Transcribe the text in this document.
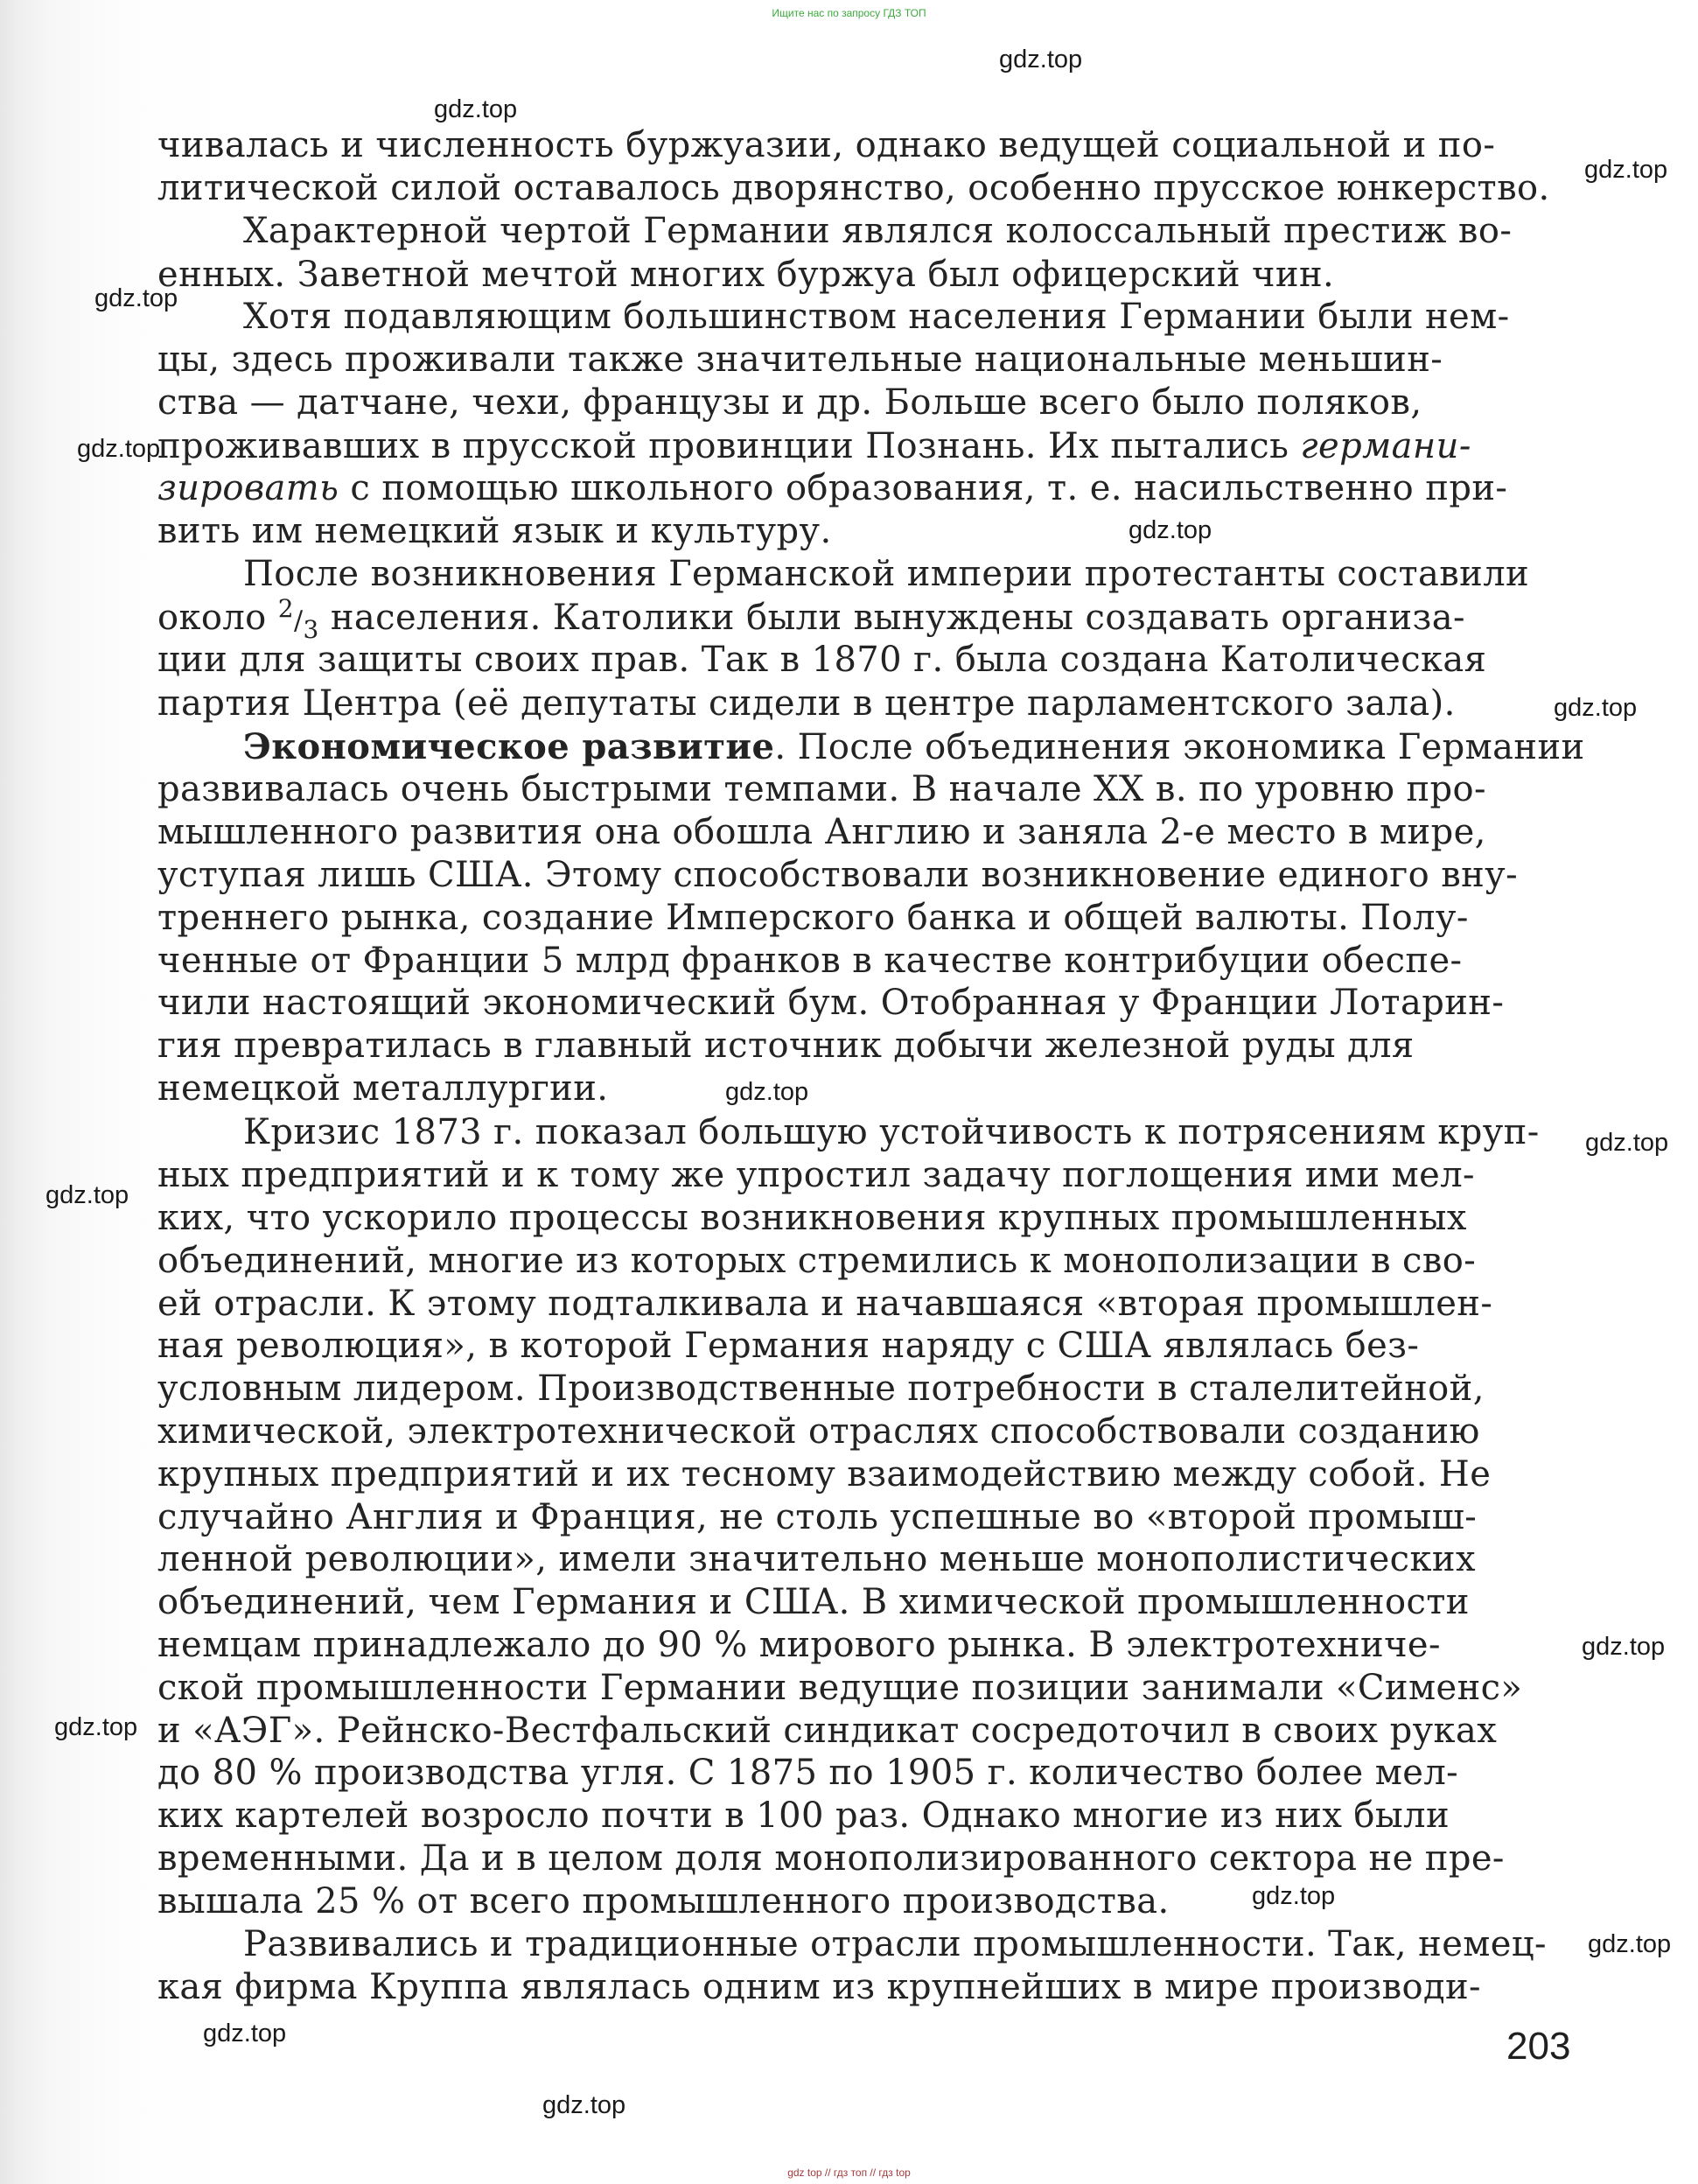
Ищите нас по запросу ГДЗ ТОП
gdz.top
gdz.top
gdz.top
gdz.top
gdz.top
gdz.top
gdz.top
gdz.top
gdz.top
gdz.top
gdz.top
gdz.top
gdz.top
gdz.top
gdz.top
gdz.top
чивалась и численность буржуазии, однако ведущей социальной и по-
литической силой оставалось дворянство, особенно прусское юнкерство.
Характерной чертой Германии являлся колоссальный престиж во-
енных. Заветной мечтой многих буржуа был офицерский чин.
Хотя подавляющим большинством населения Германии были нем-
цы, здесь проживали также значительные национальные меньшин-
ства — датчане, чехи, французы и др. Больше всего было поляков,
проживавших в прусской провинции Познань. Их пытались германи-
зировать с помощью школьного образования, т. е. насильственно при-
вить им немецкий язык и культуру.
После возникновения Германской империи протестанты составили
около 2/3 населения. Католики были вынуждены создавать организа-
ции для защиты своих прав. Так в 1870 г. была создана Католическая
партия Центра (её депутаты сидели в центре парламентского зала).
Экономическое развитие. После объединения экономика Германии
развивалась очень быстрыми темпами. В начале XX в. по уровню про-
мышленного развития она обошла Англию и заняла 2-е место в мире,
уступая лишь США. Этому способствовали возникновение единого вну-
треннего рынка, создание Имперского банка и общей валюты. Полу-
ченные от Франции 5 млрд франков в качестве контрибуции обеспе-
чили настоящий экономический бум. Отобранная у Франции Лотарин-
гия превратилась в главный источник добычи железной руды для
немецкой металлургии.
Кризис 1873 г. показал большую устойчивость к потрясениям круп-
ных предприятий и к тому же упростил задачу поглощения ими мел-
ких, что ускорило процессы возникновения крупных промышленных
объединений, многие из которых стремились к монополизации в сво-
ей отрасли. К этому подталкивала и начавшаяся «вторая промышлен-
ная революция», в которой Германия наряду с США являлась без-
условным лидером. Производственные потребности в сталелитейной,
химической, электротехнической отраслях способствовали созданию
крупных предприятий и их тесному взаимодействию между собой. Не
случайно Англия и Франция, не столь успешные во «второй промыш-
ленной революции», имели значительно меньше монополистических
объединений, чем Германия и США. В химической промышленности
немцам принадлежало до 90 % мирового рынка. В электротехниче-
ской промышленности Германии ведущие позиции занимали «Сименс»
и «АЭГ». Рейнско-Вестфальский синдикат сосредоточил в своих руках
до 80 % производства угля. С 1875 по 1905 г. количество более мел-
ких картелей возросло почти в 100 раз. Однако многие из них были
временными. Да и в целом доля монополизированного сектора не пре-
вышала 25 % от всего промышленного производства.
Развивались и традиционные отрасли промышленности. Так, немец-
кая фирма Круппа являлась одним из крупнейших в мире производи-
203
gdz top // гдз топ // гдз top
